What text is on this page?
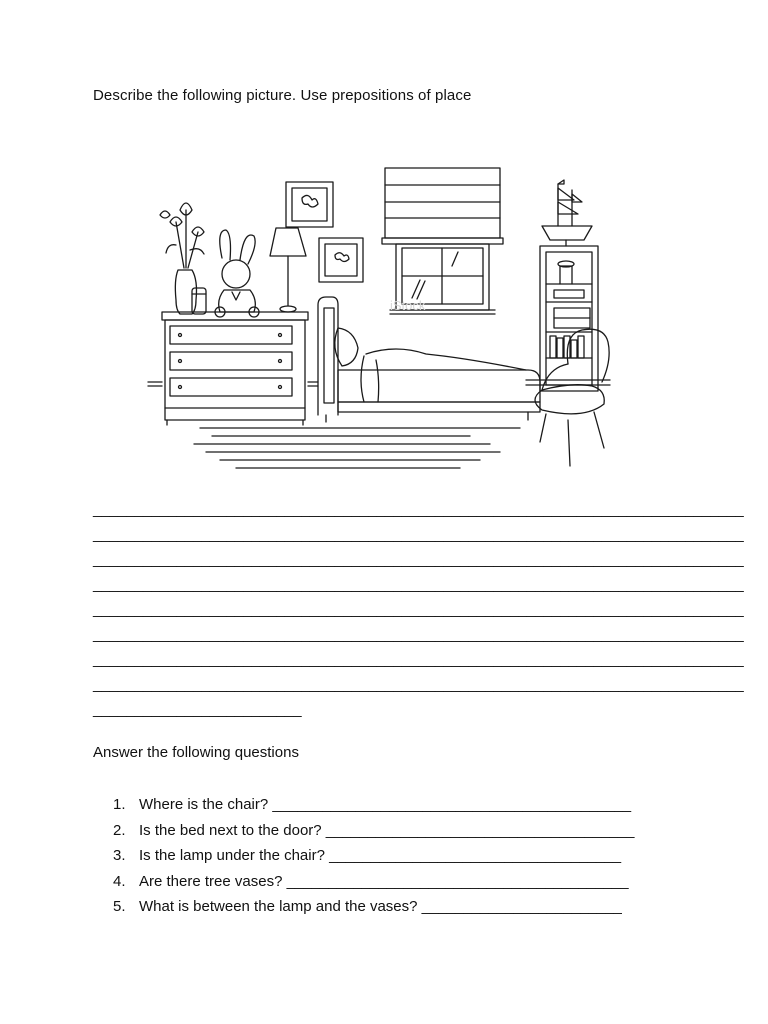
Describe the following picture. Use prepositions of place
iStock
______________________________________________________________________________
______________________________________________________________________________
______________________________________________________________________________
______________________________________________________________________________
______________________________________________________________________________
______________________________________________________________________________
______________________________________________________________________________
______________________________________________________________________________
_________________________
Answer the following questions
1. Where is the chair? ___________________________________________
2. Is the bed next to the door? _____________________________________
3. Is the lamp under the chair? ___________________________________
4. Are there tree vases? _________________________________________
5. What is between the lamp and the vases? ________________________
